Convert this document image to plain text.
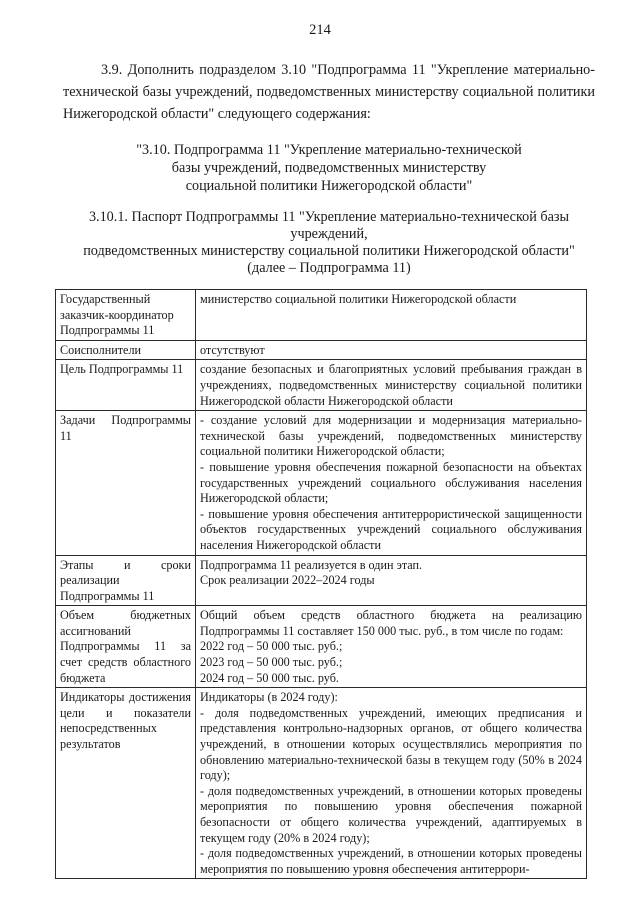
214
3.9. Дополнить подразделом 3.10 "Подпрограмма 11 "Укрепление материально-технической базы учреждений, подведомственных министерству социальной политики Нижегородской области" следующего содержания:
"3.10. Подпрограмма 11 "Укрепление материально-технической
базы учреждений, подведомственных министерству
социальной политики Нижегородской области"
3.10.1. Паспорт Подпрограммы 11 "Укрепление материально-технической базы
учреждений,
подведомственных министерству социальной политики Нижегородской области"
(далее – Подпрограмма 11)
Государственный заказчик-координатор Подпрограммы 11	министерство социальной политики Нижегородской области

Соисполнители	отсутствуют

Цель Подпрограммы 11	создание безопасных и благоприятных условий пребывания граждан в учреждениях, подведомственных министерству социальной политики Нижегородской области Нижегородской области

Задачи Подпрограммы 11	- создание условий для модернизации и модернизация материально-технической базы учреждений, подведомственных министерству социальной политики Нижегородской области;
- повышение уровня обеспечения пожарной безопасности на объектах государственных учреждений социального обслуживания населения Нижегородской области;
- повышение уровня обеспечения антитеррористической защищенности объектов государственных учреждений социального обслуживания населения Нижегородской области

Этапы и сроки реализации Подпрограммы 11	Подпрограмма 11 реализуется в один этап.
Срок реализации 2022–2024 годы

Объем бюджетных ассигнований Подпрограммы 11 за счет средств областного бюджета	Общий объем средств областного бюджета на реализацию Подпрограммы 11 составляет 150 000 тыс. руб., в том числе по годам:
2022 год – 50 000 тыс. руб.;
2023 год – 50 000 тыс. руб.;
2024 год – 50 000 тыс. руб.

Индикаторы достижения цели и показатели непосредственных результатов	Индикаторы (в 2024 году):
- доля подведомственных учреждений, имеющих предписания и представления контрольно-надзорных органов, от общего количества учреждений, в отношении которых осуществлялись мероприятия по обновлению материально-технической базы в текущем году (50% в 2024 году);
- доля подведомственных учреждений, в отношении которых проведены мероприятия по повышению уровня обеспечения пожарной безопасности от общего количества учреждений, адаптируемых в текущем году (20% в 2024 году);
- доля подведомственных учреждений, в отношении которых проведены мероприятия по повышению уровня обеспечения антитеррори-
